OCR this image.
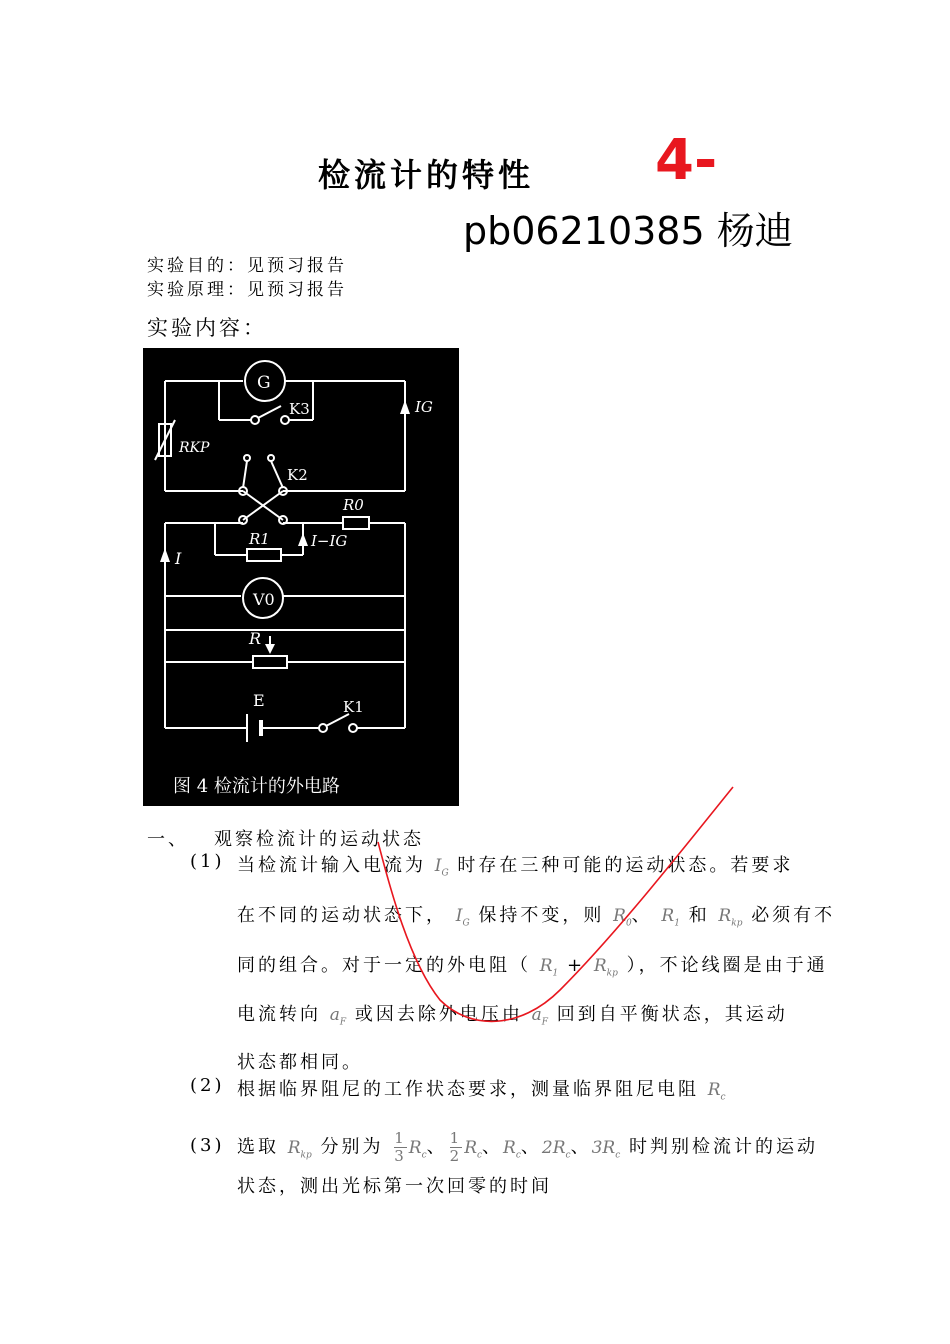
检流计的特性 4-
pb06210385 杨迪
实验目的：见预习报告
实验原理：见预习报告
实验内容：
G
K3	IG
RKP
K2
R0
R1	I−IG
I
V0
R
E	K1
图 4 检流计的外电路
一、 观察检流计的运动状态
(1) 当检流计输入电流为 $I_G$ 时存在三种可能的运动状态。若要求
在不同的运动状态下， $I_G$ 保持不变，则 $R_0$、 $R_1$ 和 $R_{kp}$ 必须有不
同的组合。对于一定的外电阻（ $R_1 + R_{kp}$ ），不论线圈是由于通
电流转向 $a_F$ 或因去除外电压由 $a_F$ 回到自平衡状态，其运动
状态都相同。
(2) 根据临界阻尼的工作状态要求，测量临界阻尼电阻 $R_c$
(3) 选取 $R_{kp}$ 分别为 $\frac{1}{3} R_c$、 $\frac{1}{2} R_c$、$R_c$、$2R_c$、$3R_c$ 时判别检流计的运动
状态，测出光标第一次回零的时间
